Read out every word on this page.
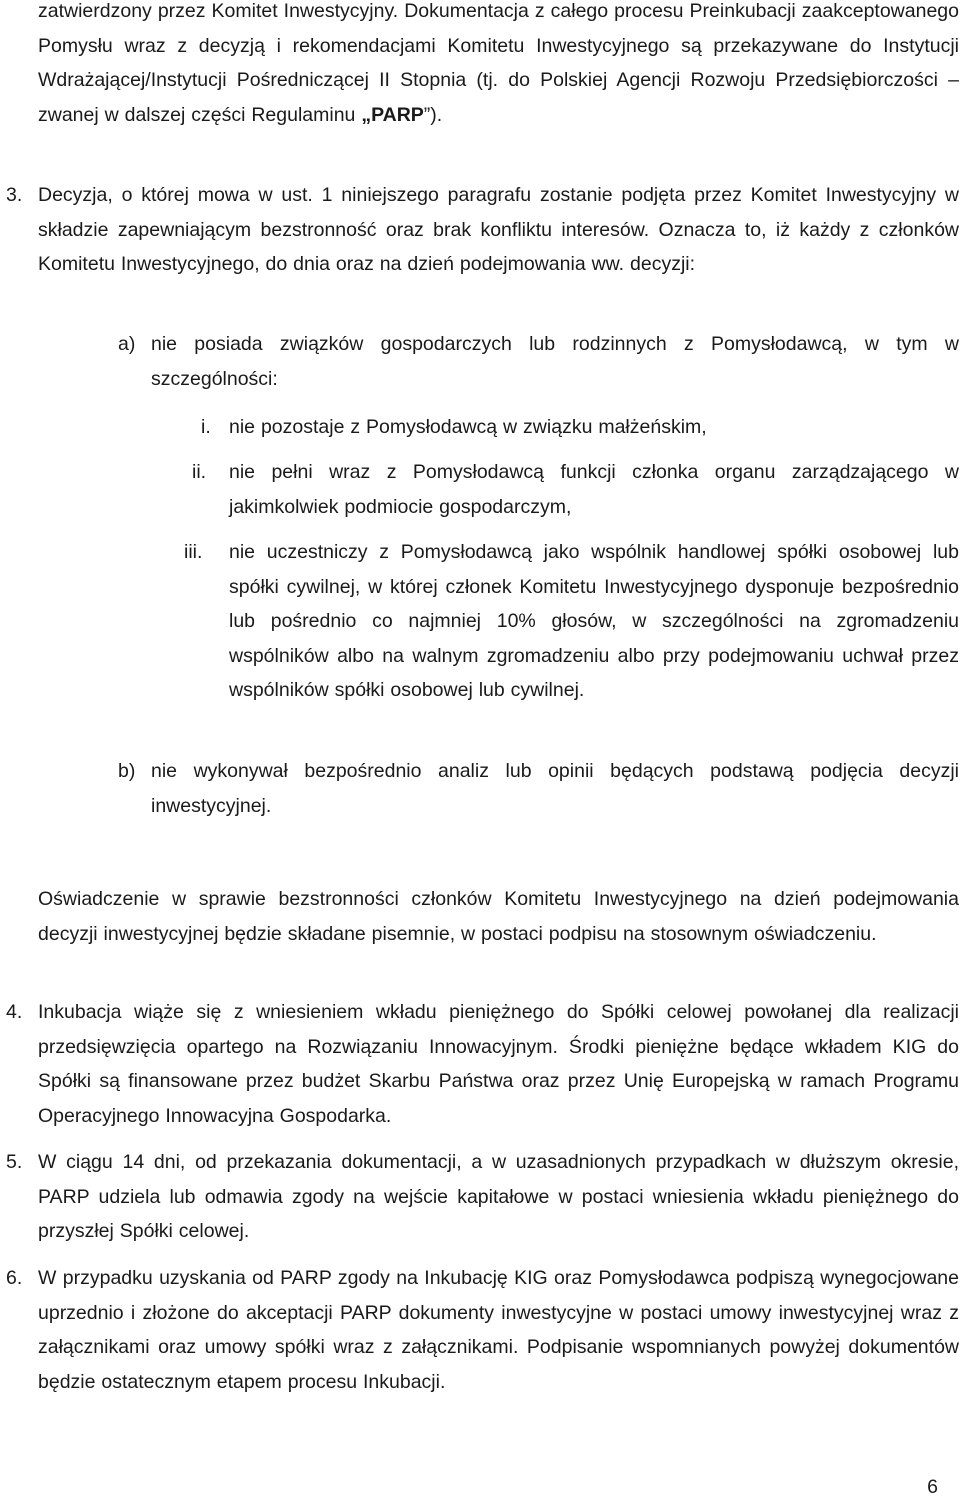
zatwierdzony przez Komitet Inwestycyjny. Dokumentacja z całego procesu Preinkubacji zaakceptowanego Pomysłu wraz z decyzją i rekomendacjami Komitetu Inwestycyjnego są przekazywane do Instytucji Wdrażającej/Instytucji Pośredniczącej II Stopnia (tj. do Polskiej Agencji Rozwoju Przedsiębiorczości – zwanej w dalszej części Regulaminu „PARP”).
3. Decyzja, o której mowa w ust. 1 niniejszego paragrafu zostanie podjęta przez Komitet Inwestycyjny w składzie zapewniającym bezstronność oraz brak konfliktu interesów. Oznacza to, iż każdy z członków Komitetu Inwestycyjnego, do dnia oraz na dzień podejmowania ww. decyzji:
a) nie posiada związków gospodarczych lub rodzinnych z Pomysłodawcą, w tym w szczególności:
i. nie pozostaje z Pomysłodawcą w związku małżeńskim,
ii. nie pełni wraz z Pomysłodawcą funkcji członka organu zarządzającego w jakimkolwiek podmiocie gospodarczym,
iii. nie uczestniczy z Pomysłodawcą jako wspólnik handlowej spółki osobowej lub spółki cywilnej, w której członek Komitetu Inwestycyjnego dysponuje bezpośrednio lub pośrednio co najmniej 10% głosów, w szczególności na zgromadzeniu wspólników albo na walnym zgromadzeniu albo przy podejmowaniu uchwał przez wspólników spółki osobowej lub cywilnej.
b) nie wykonywał bezpośrednio analiz lub opinii będących podstawą podjęcia decyzji inwestycyjnej.
Oświadczenie w sprawie bezstronności członków Komitetu Inwestycyjnego na dzień podejmowania decyzji inwestycyjnej będzie składane pisemnie, w postaci podpisu na stosownym oświadczeniu.
4. Inkubacja wiąże się z wniesieniem wkładu pieniężnego do Spółki celowej powołanej dla realizacji przedsięwzięcia opartego na Rozwiązaniu Innowacyjnym. Środki pieniężne będące wkładem KIG do Spółki są finansowane przez budżet Skarbu Państwa oraz przez Unię Europejską w ramach Programu Operacyjnego Innowacyjna Gospodarka.
5. W ciągu 14 dni, od przekazania dokumentacji, a w uzasadnionych przypadkach w dłuższym okresie, PARP udziela lub odmawia zgody na wejście kapitałowe w postaci wniesienia wkładu pieniężnego do przyszłej Spółki celowej.
6. W przypadku uzyskania od PARP zgody na Inkubację KIG oraz Pomysłodawca podpiszą wynegocjowane uprzednio i złożone do akceptacji PARP dokumenty inwestycyjne w postaci umowy inwestycyjnej wraz z załącznikami oraz umowy spółki wraz z załącznikami. Podpisanie wspomnianych powyżej dokumentów będzie ostatecznym etapem procesu Inkubacji.
6
